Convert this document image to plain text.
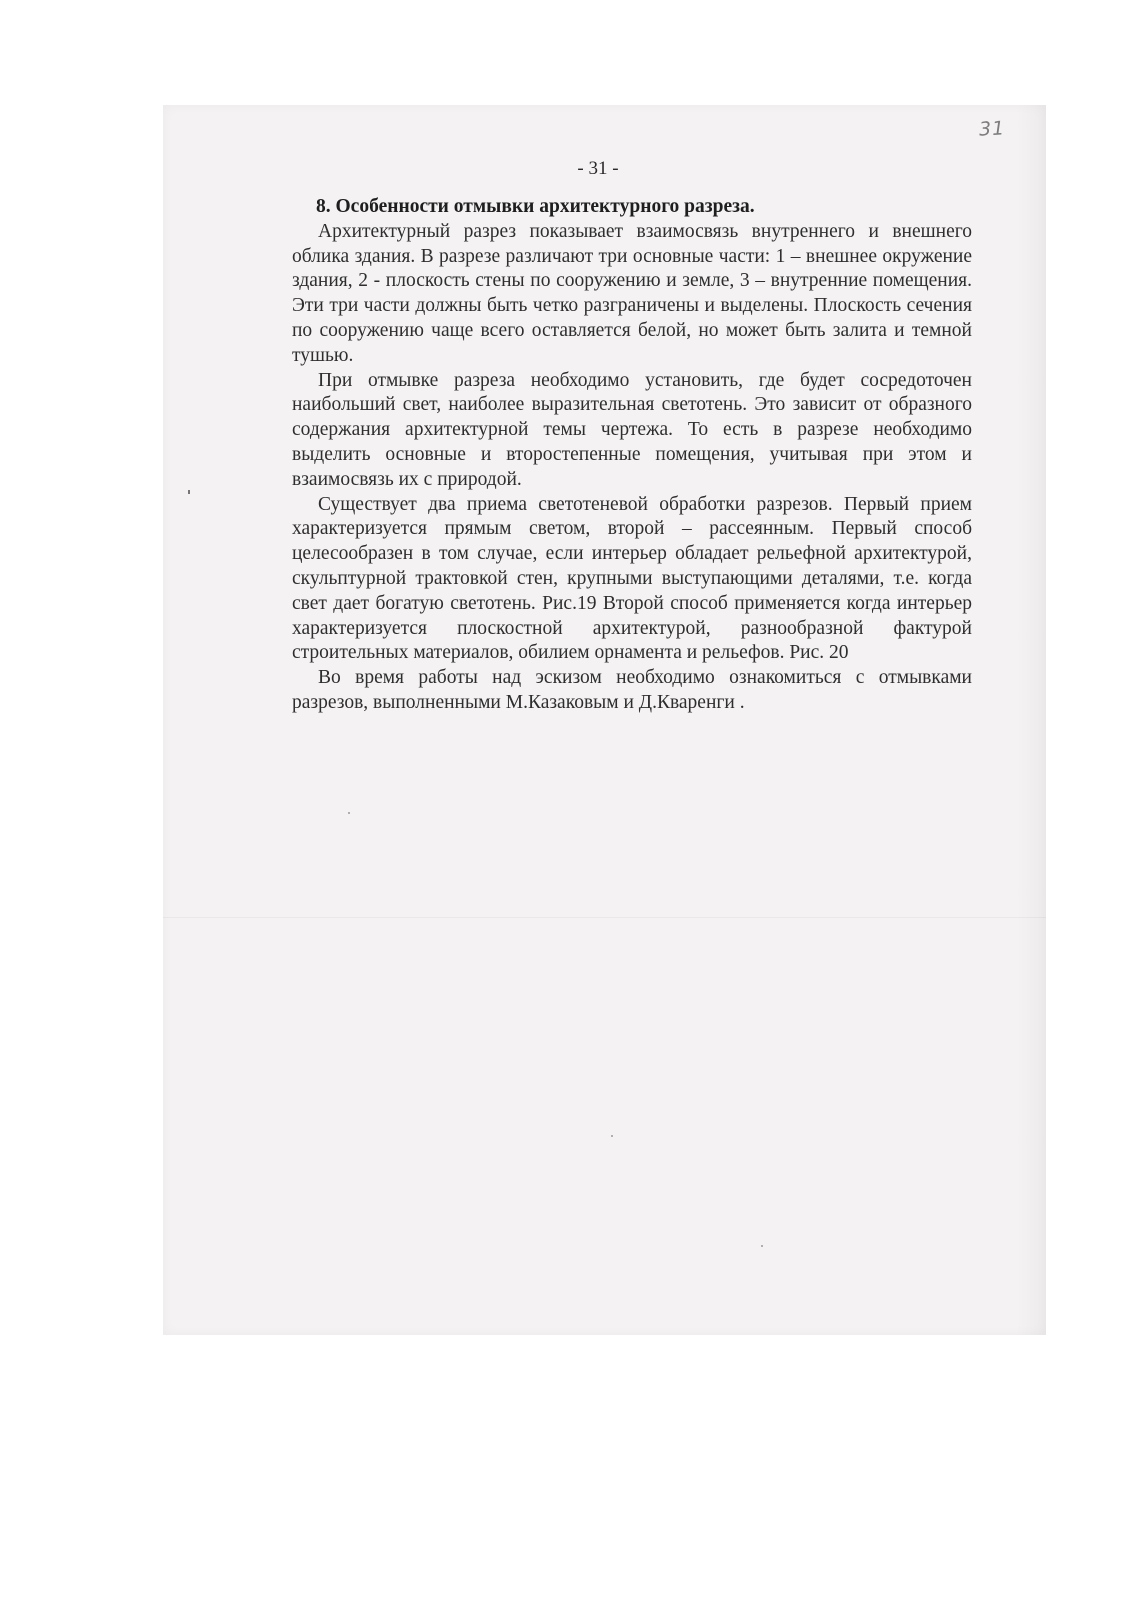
31
- 31 -

8. Особенности отмывки архитектурного разреза.

Архитектурный разрез показывает взаимосвязь внутреннего и внешнего облика здания. В разрезе различают три основные части: 1 – внешнее окружение здания, 2 - плоскость стены по сооружению и земле, 3 – внутренние помещения. Эти три части должны быть четко разграничены и выделены. Плоскость сечения по сооружению чаще всего оставляется белой, но может быть залита и темной тушью.

При отмывке разреза необходимо установить, где будет сосредоточен наибольший свет, наиболее выразительная светотень. Это зависит от образного содержания архитектурной темы чертежа. То есть в разрезе необходимо выделить основные и второстепенные помещения, учитывая при этом и взаимосвязь их с природой.

Существует два приема светотеневой обработки разрезов. Первый прием характеризуется прямым светом, второй – рассеянным. Первый способ целесообразен в том случае, если интерьер обладает рельефной архитектурой, скульптурной трактовкой стен, крупными выступающими деталями, т.е. когда свет дает богатую светотень. Рис.19 Второй способ применяется когда интерьер характеризуется плоскостной архитектурой, разнообразной фактурой строительных материалов, обилием орнамента и рельефов. Рис. 20

Во время работы над эскизом необходимо ознакомиться с отмывками разрезов, выполненными М.Казаковым и Д.Кваренги .
